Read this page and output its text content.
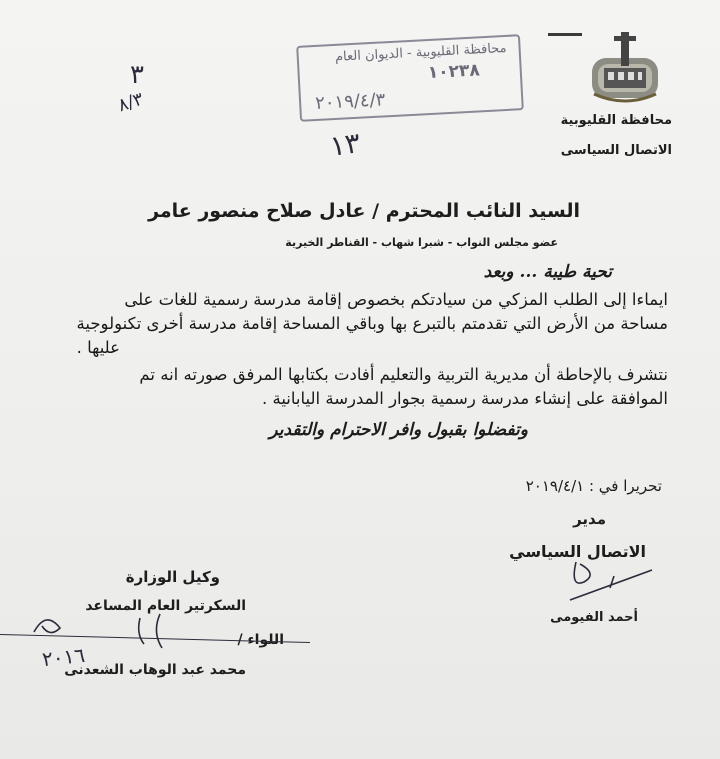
محافظة القليوبية
الاتصال السياسى
محافظة القليوبية - الديوان العام
١٠٢٣٨
٢٠١٩/٤/٣
٣
٨/٣
١٣
السيد النائب المحترم / عادل صلاح منصور عامر
عضو مجلس النواب - شبرا شهاب - القناطر الخيرية
تحية طيبة ... وبعد
ايماءا إلى الطلب المزكي من سيادتكم بخصوص إقامة مدرسة رسمية للغات على
مساحة من الأرض التي تقدمتم بالتبرع بها وباقي المساحة إقامة مدرسة أخرى تكنولوجية
عليها .
نتشرف بالإحاطة أن مديرية التربية والتعليم أفادت بكتابها المرفق صورته انه تم
الموافقة على إنشاء مدرسة رسمية بجوار المدرسة اليابانية .
وتفضلوا بقبول وافر الاحترام والتقدير
تحريرا في : ٢٠١٩/٤/١
مدير
الاتصال السياسي
أحمد الفيومى
وكيل الوزارة
السكرتير العام المساعد
اللواء /
محمد عبد الوهاب الشعدنى
٢٠١٦
